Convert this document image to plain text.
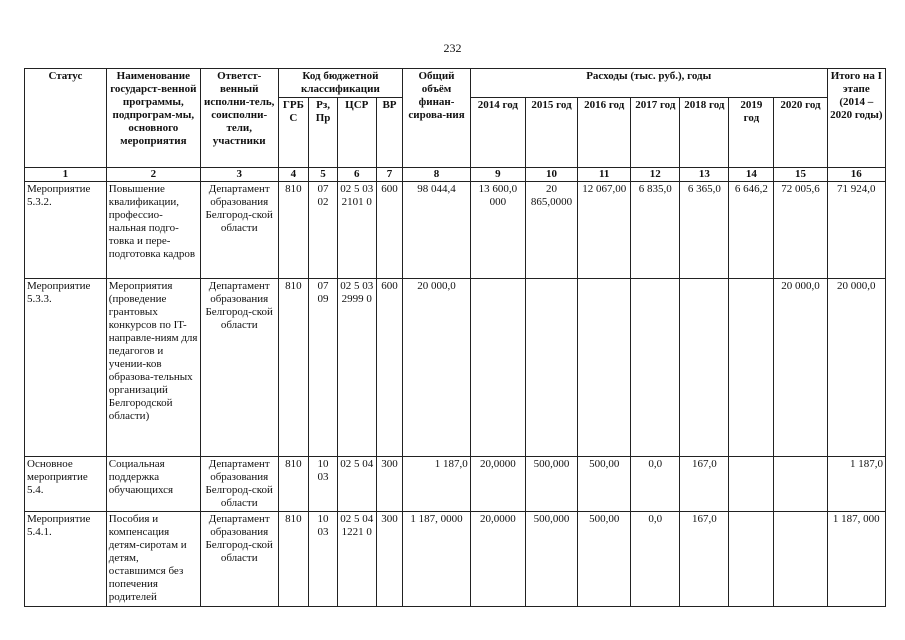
232
Статус	Наименование государст-венной программы, подпрограм-мы, основного мероприятия	Ответст-венный исполни-тель, соисполни-тели, участники	Код бюджетной классификации				Общий объём финан-сирова-ния	Расходы (тыс. руб.), годы							Итого на I этапе (2014 – 2020 годы)
			ГРБ С	Рз, Пр	ЦСР	ВР		2014 год	2015 год	2016 год	2017 год	2018 год	2019 год	2020 год	
1	2	3	4	5	6	7	8	9	10	11	12	13	14	15	16
Мероприятие 5.3.2.	Повышение квалификации, профессио-нальная подго-товка и пере-подготовка кадров	Департамент образования Белгород-ской области	810	07 02	02 5 03 2101 0	600	98 044,4	13 600,0 000	20 865,0000	12 067,00	6 835,0	6 365,0	6 646,2	72 005,6	71 924,0
Мероприятие 5.3.3.	Мероприятия (проведение грантовых конкурсов по IT-направле-ниям для педагогов и учении-ков образова-тельных организаций Белгородской области)	Департамент образования Белгород-ской области	810	07 09	02 5 03 2999 0	600	20 000,0							20 000,0	20 000,0
Основное мероприятие 5.4.	Социальная поддержка обучающихся	Департамент образования Белгород-ской области	810	10 03	02 5 04	300	1 187,0	20,0000	500,000	500,00	0,0	167,0			1 187,0
Мероприятие 5.4.1.	Пособия и компенсация детям-сиротам и детям, оставшимся без попечения родителей	Департамент образования Белгород-ской области	810	10 03	02 5 04 1221 0	300	1 187, 0000	20,0000	500,000	500,00	0,0	167,0			1 187, 000
